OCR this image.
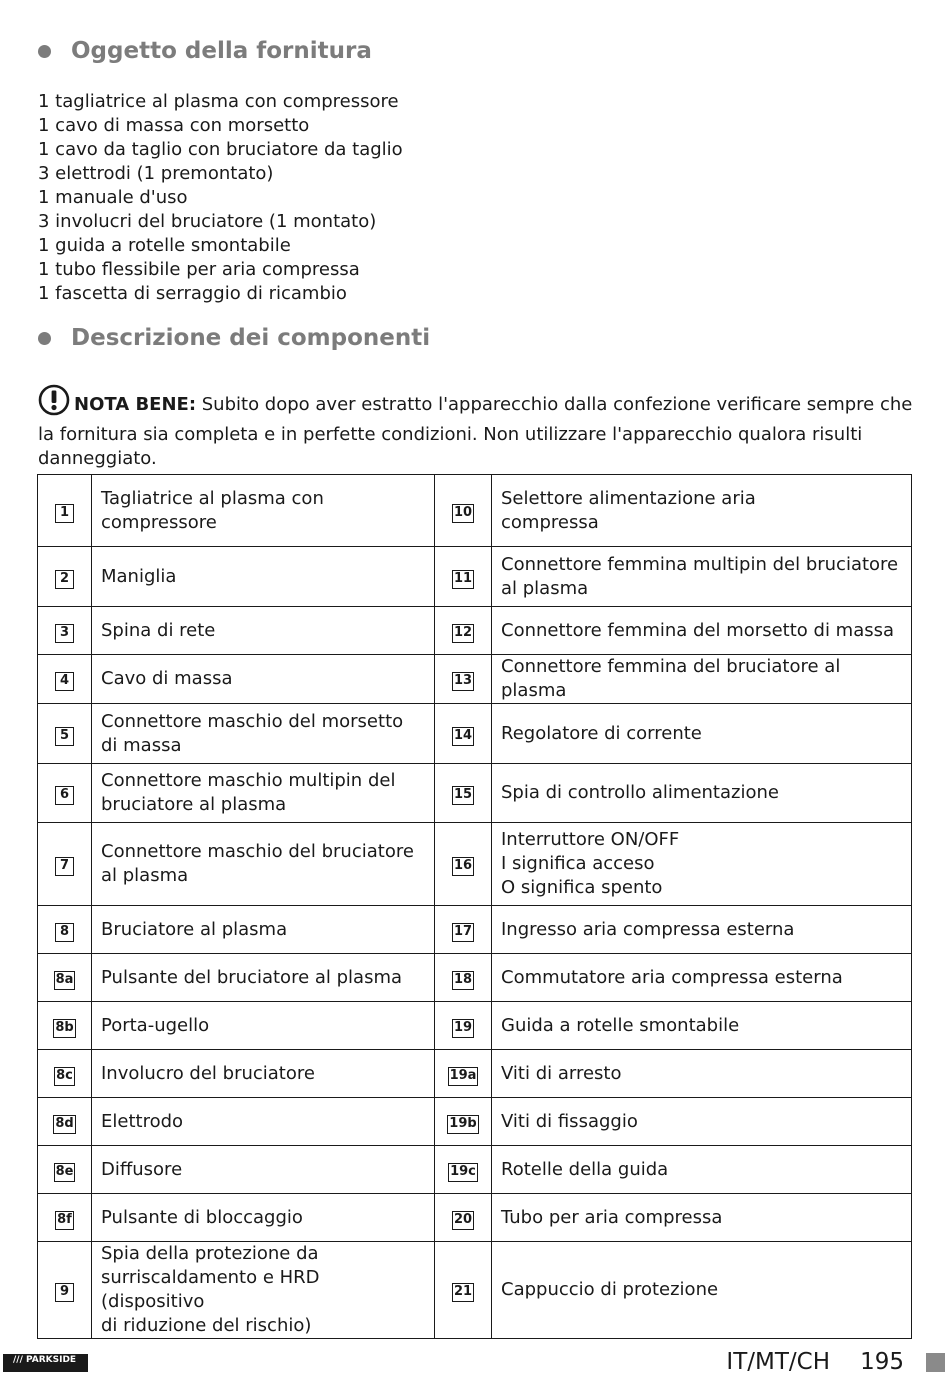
Oggetto della fornitura
1 tagliatrice al plasma con compressore
1 cavo di massa con morsetto
1 cavo da taglio con bruciatore da taglio
3 elettrodi (1 premontato)
1 manuale d'uso
3 involucri del bruciatore (1 montato)
1 guida a rotelle smontabile
1 tubo flessibile per aria compressa
1 fascetta di serraggio di ricambio
Descrizione dei componenti
NOTA BENE: Subito dopo aver estratto l'apparecchio dalla confezione verificare sempre che la fornitura sia completa e in perfette condizioni. Non utilizzare l'apparecchio qualora risulti danneggiato.
1	Tagliatrice al plasma con compressore	10	Selettore alimentazione aria
compressa

2	Maniglia	11	Connettore femmina multipin del bruciatore
al plasma

3	Spina di rete	12	Connettore femmina del morsetto di massa

4	Cavo di massa	13	Connettore femmina del bruciatore al plasma

5	Connettore maschio del morsetto
di massa	14	Regolatore di corrente

6	Connettore maschio multipin del
bruciatore al plasma	15	Spia di controllo alimentazione

7	Connettore maschio del bruciatore
al plasma	16	Interruttore ON/OFF
I significa acceso
O significa spento

8	Bruciatore al plasma	17	Ingresso aria compressa esterna

8a	Pulsante del bruciatore al plasma	18	Commutatore aria compressa esterna

8b	Porta-ugello	19	Guida a rotelle smontabile

8c	Involucro del bruciatore	19a	Viti di arresto

8d	Elettrodo	19b	Viti di fissaggio

8e	Diffusore	19c	Rotelle della guida

8f	Pulsante di bloccaggio	20	Tubo per aria compressa

9	Spia della protezione da
surriscaldamento e HRD (dispositivo
di riduzione del rischio)	21	Cappuccio di protezione
/// PARKSIDE	IT/MT/CH 195
